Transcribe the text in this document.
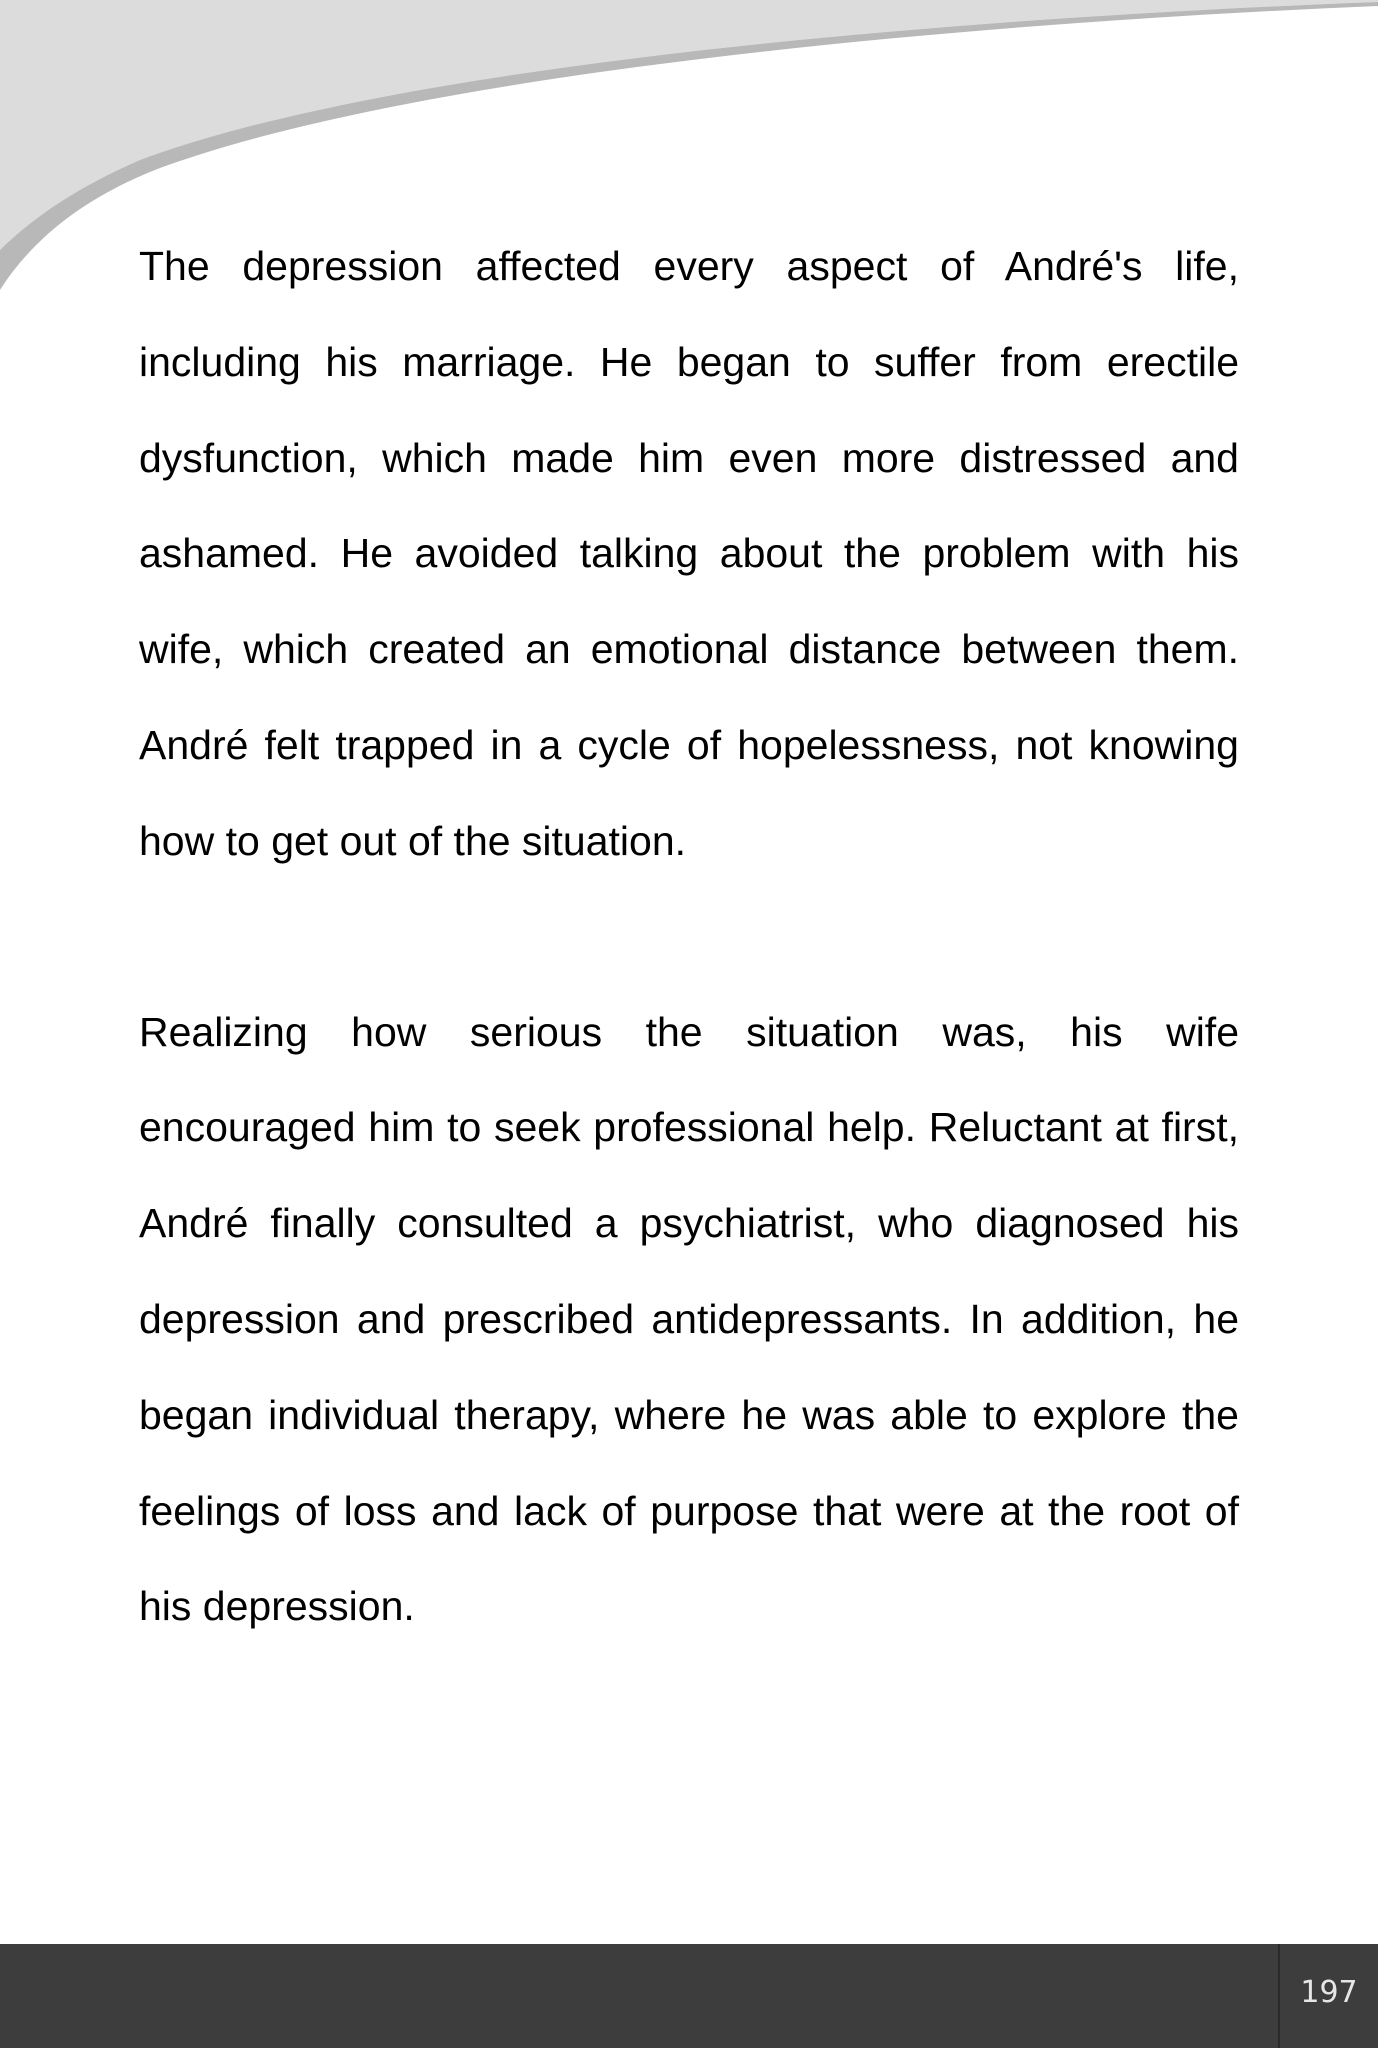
The depression affected every aspect of André's life, including his marriage. He began to suffer from erectile dysfunction, which made him even more distressed and ashamed. He avoided talking about the problem with his wife, which created an emotional distance between them. André felt trapped in a cycle of hopelessness, not knowing how to get out of the situation.

Realizing how serious the situation was, his wife encouraged him to seek professional help. Reluctant at first, André finally consulted a psychiatrist, who diagnosed his depression and prescribed antidepressants. In addition, he began individual therapy, where he was able to explore the feelings of loss and lack of purpose that were at the root of his depression.

197
